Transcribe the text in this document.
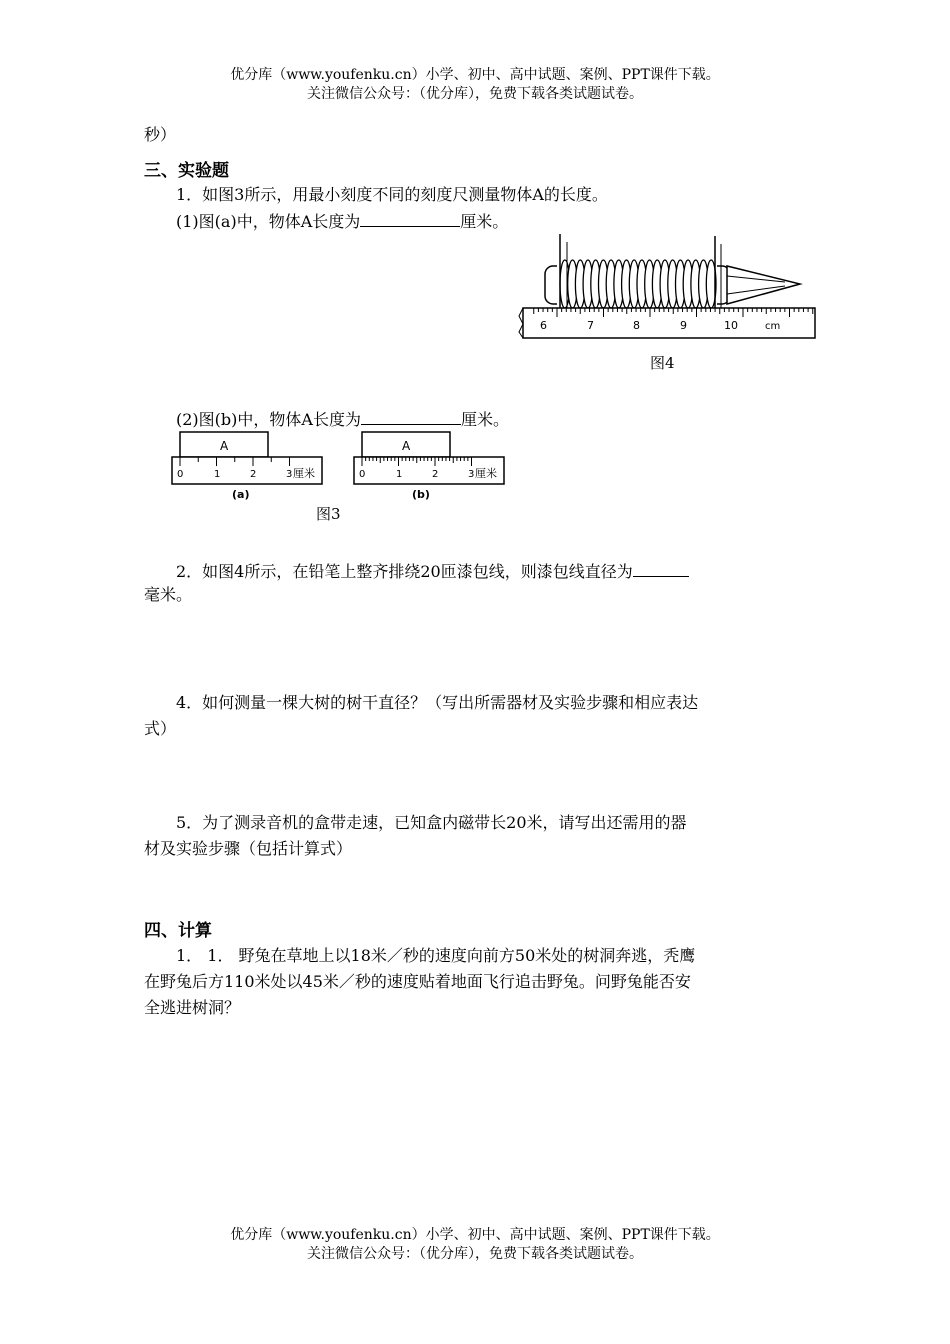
优分库（www.youfenku.cn）小学、初中、高中试题、案例、PPT课件下载。
关注微信公众号：（优分库），免费下载各类试题试卷。
秒）
三、实验题
1．如图3所示，用最小刻度不同的刻度尺测量物体A的长度。
(1)图(a)中，物体A长度为	厘米。
6	7	8	9	10	cm
图4
(2)图(b)中，物体A长度为	厘米。
A
0	1	2	3 厘米
(a)
A
0	1	2	3 厘米
(b)
图3
2．如图4所示，在铅笔上整齐排绕20匝漆包线，则漆包线直径为
毫米。
4．如何测量一棵大树的树干直径？（写出所需器材及实验步骤和相应表达
式）
5．为了测录音机的盒带走速，已知盒内磁带长20米，请写出还需用的器
材及实验步骤（包括计算式）
四、计算
1． 1． 野兔在草地上以18米／秒的速度向前方50米处的树洞奔逃，秃鹰
在野兔后方110米处以45米／秒的速度贴着地面飞行追击野兔。问野兔能否安
全逃进树洞？
优分库（www.youfenku.cn）小学、初中、高中试题、案例、PPT课件下载。
关注微信公众号：（优分库），免费下载各类试题试卷。
